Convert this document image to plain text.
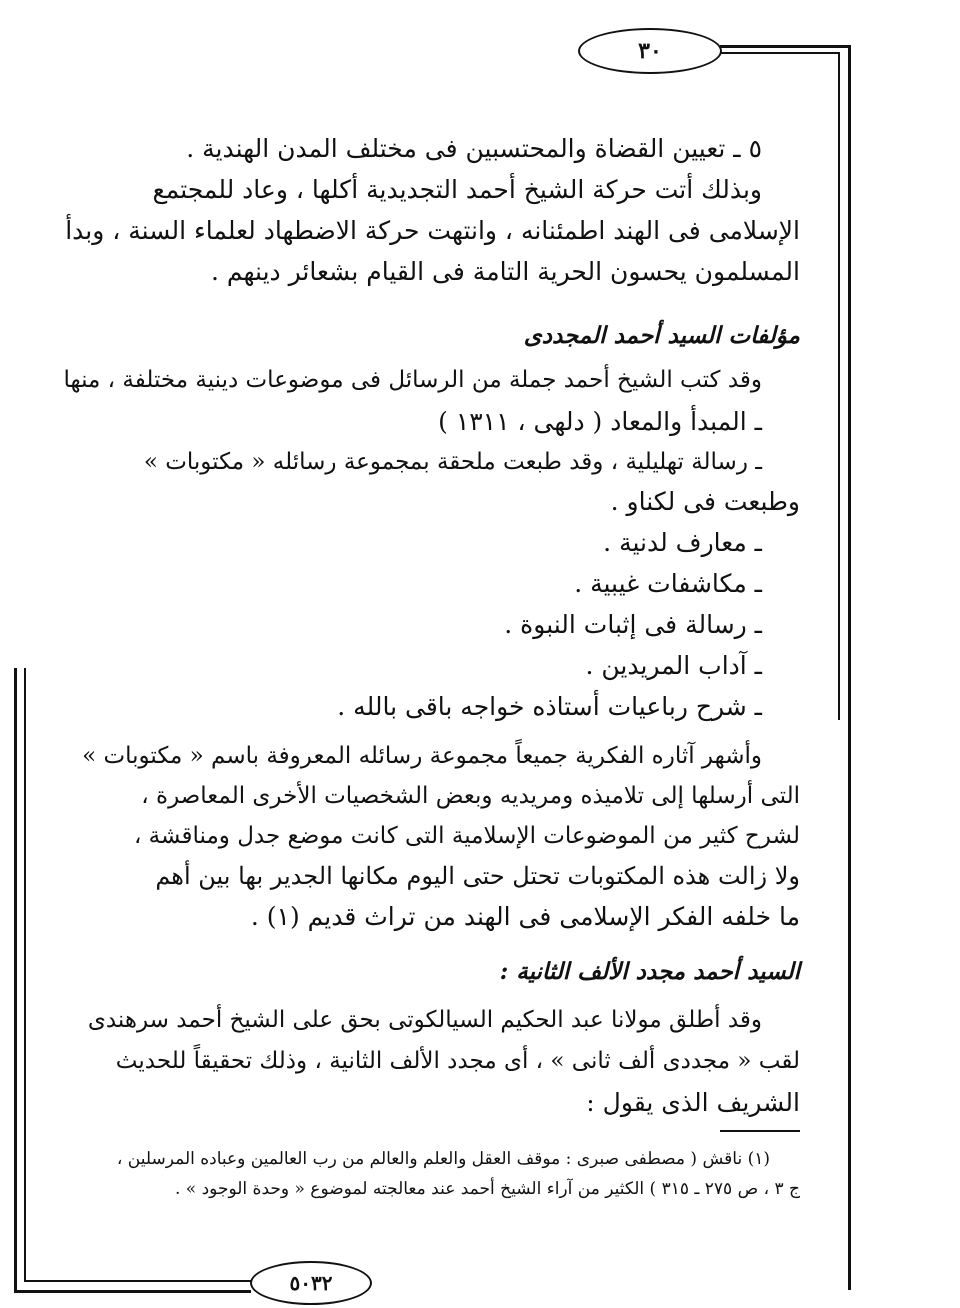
٣٠
٥٠٣٢
٥ ـ تعيين القضاة والمحتسبين فى مختلف المدن الهندية .
وبذلك أتت حركة الشيخ أحمد التجديدية أكلها ، وعاد للمجتمع
الإسلامى فى الهند اطمئنانه ، وانتهت حركة الاضطهاد لعلماء السنة ، وبدأ
المسلمون يحسون الحرية التامة فى القيام بشعائر دينهم .
مؤلفات السيد أحمد المجددى
وقد كتب الشيخ أحمد جملة من الرسائل فى موضوعات دينية مختلفة ، منها
ـ المبدأ والمعاد ( دلهى ، ١٣١١ )
ـ رسالة تهليلية ، وقد طبعت ملحقة بمجموعة رسائله « مكتوبات »
وطبعت فى لكناو .
ـ معارف لدنية .
ـ مكاشفات غيبية .
ـ رسالة فى إثبات النبوة .
ـ آداب المريدين .
ـ شرح رباعيات أستاذه خواجه باقى بالله .
وأشهر آثاره الفكرية جميعاً مجموعة رسائله المعروفة باسم « مكتوبات »
التى أرسلها إلى تلاميذه ومريديه وبعض الشخصيات الأخرى المعاصرة ،
لشرح كثير من الموضوعات الإسلامية التى كانت موضع جدل ومناقشة ،
ولا زالت هذه المكتوبات تحتل حتى اليوم مكانها الجدير بها بين أهم
ما خلفه الفكر الإسلامى فى الهند من تراث قديم (١) .
السيد أحمد مجدد الألف الثانية :
وقد أطلق مولانا عبد الحكيم السيالكوتى بحق على الشيخ أحمد سرهندى
لقب « مجددى ألف ثانى » ، أى مجدد الألف الثانية ، وذلك تحقيقاً للحديث
الشريف الذى يقول :
(١) ناقش ( مصطفى صبرى : موقف العقل والعلم والعالم من رب العالمين وعباده المرسلين ،
ج ٣ ، ص ٢٧٥ ـ ٣١٥ ) الكثير من آراء الشيخ أحمد عند معالجته لموضوع « وحدة الوجود » .
